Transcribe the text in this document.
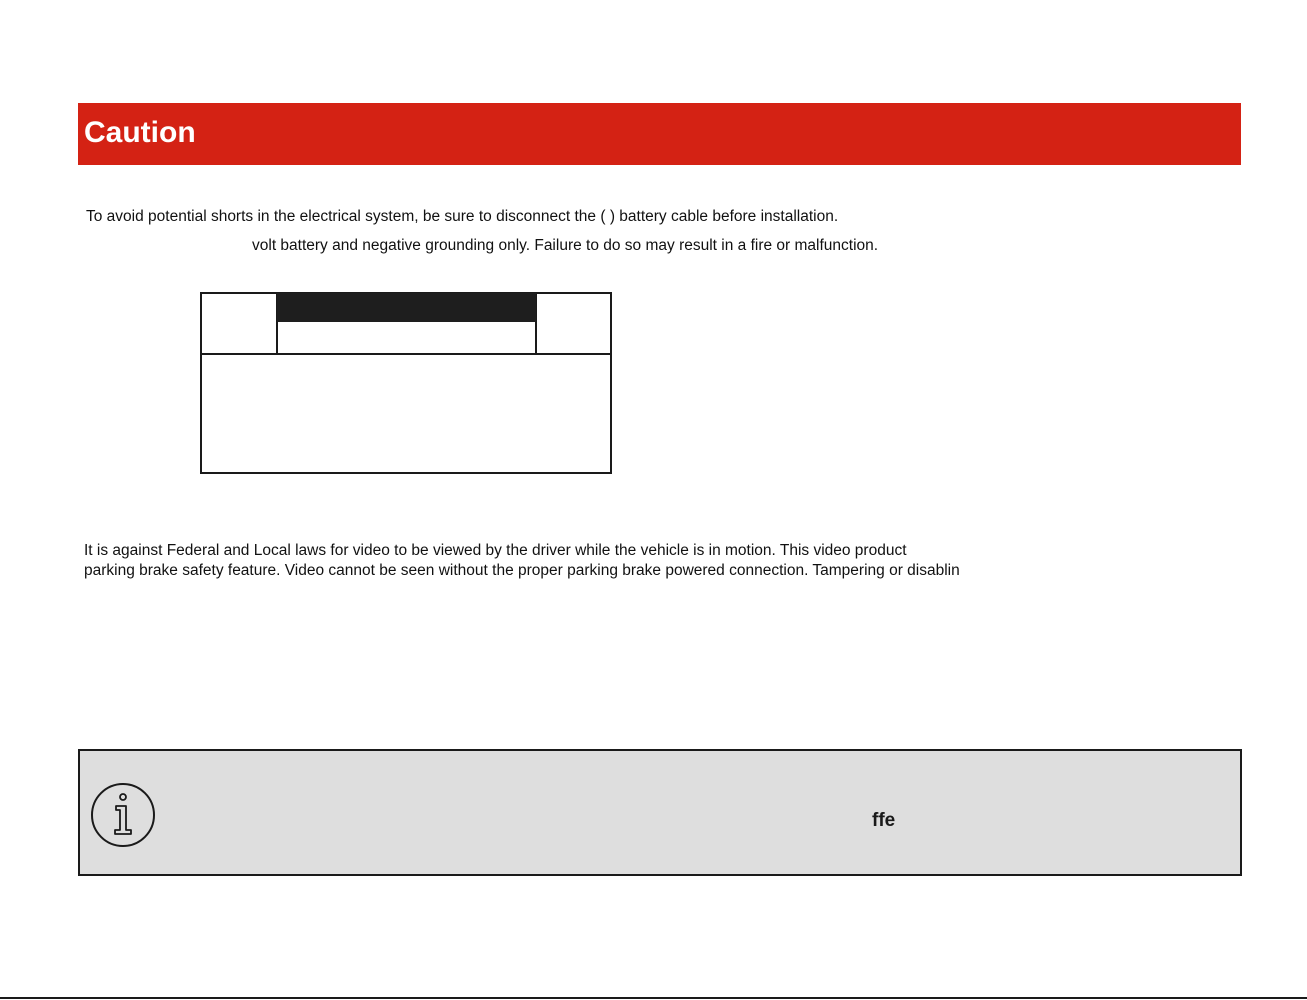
Caution

To avoid potential shorts in the electrical system, be sure to disconnect the ( ) battery cable before installation.

volt battery and negative grounding only. Failure to do so may result in a fire or malfunction.

It is against Federal and Local laws for video to be viewed by the driver while the vehicle is in motion. This video product

parking brake safety feature. Video cannot be seen without the proper parking brake powered connection. Tampering or disablin

ffe
